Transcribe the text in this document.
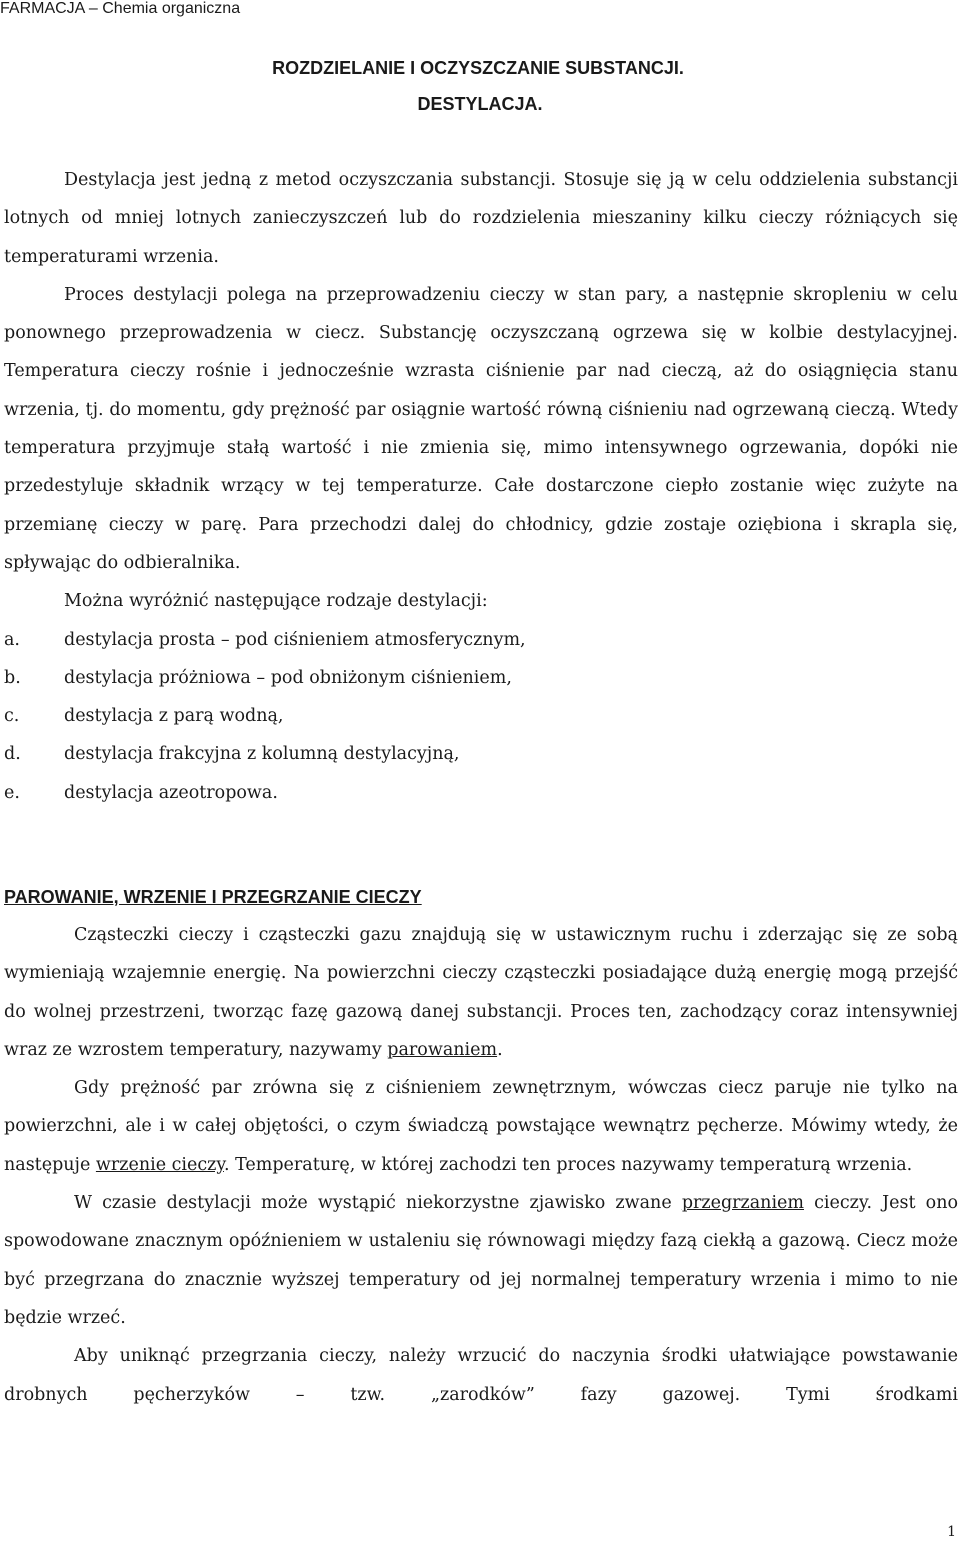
FARMACJA – Chemia organiczna
ROZDZIELANIE I OCZYSZCZANIE SUBSTANCJI.
DESTYLACJA.

Destylacja jest jedną z metod oczyszczania substancji. Stosuje się ją w celu oddzielenia substancji lotnych od mniej lotnych zanieczyszczeń lub do rozdzielenia mieszaniny kilku cieczy różniących się temperaturami wrzenia.

Proces destylacji polega na przeprowadzeniu cieczy w stan pary, a następnie skropleniu w celu ponownego przeprowadzenia w ciecz. Substancję oczyszczaną ogrzewa się w kolbie destylacyjnej. Temperatura cieczy rośnie i jednocześnie wzrasta ciśnienie par nad cieczą, aż do osiągnięcia stanu wrzenia, tj. do momentu, gdy prężność par osiągnie wartość równą ciśnieniu nad ogrzewaną cieczą. Wtedy temperatura przyjmuje stałą wartość i nie zmienia się, mimo intensywnego ogrzewania, dopóki nie przedestyluje składnik wrzący w tej temperaturze. Całe dostarczone ciepło zostanie więc zużyte na przemianę cieczy w parę. Para przechodzi dalej do chłodnicy, gdzie zostaje oziębiona i skrapla się, spływając do odbieralnika.

Można wyróżnić następujące rodzaje destylacji:

a.	destylacja prosta – pod ciśnieniem atmosferycznym,
b.	destylacja próżniowa – pod obniżonym ciśnieniem,
c.	destylacja z parą wodną,
d.	destylacja frakcyjna z kolumną destylacyjną,
e.	destylacja azeotropowa.
PAROWANIE, WRZENIE I PRZEGRZANIE CIECZY

Cząsteczki cieczy i cząsteczki gazu znajdują się w ustawicznym ruchu i zderzając się ze sobą wymieniają wzajemnie energię. Na powierzchni cieczy cząsteczki posiadające dużą energię mogą przejść do wolnej przestrzeni, tworząc fazę gazową danej substancji. Proces ten, zachodzący coraz intensywniej wraz ze wzrostem temperatury, nazywamy parowaniem.

Gdy prężność par zrówna się z ciśnieniem zewnętrznym, wówczas ciecz paruje nie tylko na powierzchni, ale i w całej objętości, o czym świadczą powstające wewnątrz pęcherze. Mówimy wtedy, że następuje wrzenie cieczy. Temperaturę, w której zachodzi ten proces nazywamy temperaturą wrzenia.

W czasie destylacji może wystąpić niekorzystne zjawisko zwane przegrzaniem cieczy. Jest ono spowodowane znacznym opóźnieniem w ustaleniu się równowagi między fazą ciekłą a gazową. Ciecz może być przegrzana do znacznie wyższej temperatury od jej normalnej temperatury wrzenia i mimo to nie będzie wrzeć.

Aby uniknąć przegrzania cieczy, należy wrzucić do naczynia środki ułatwiające powstawanie drobnych pęcherzyków – tzw. „zarodków” fazy gazowej. Tymi środkami

1
